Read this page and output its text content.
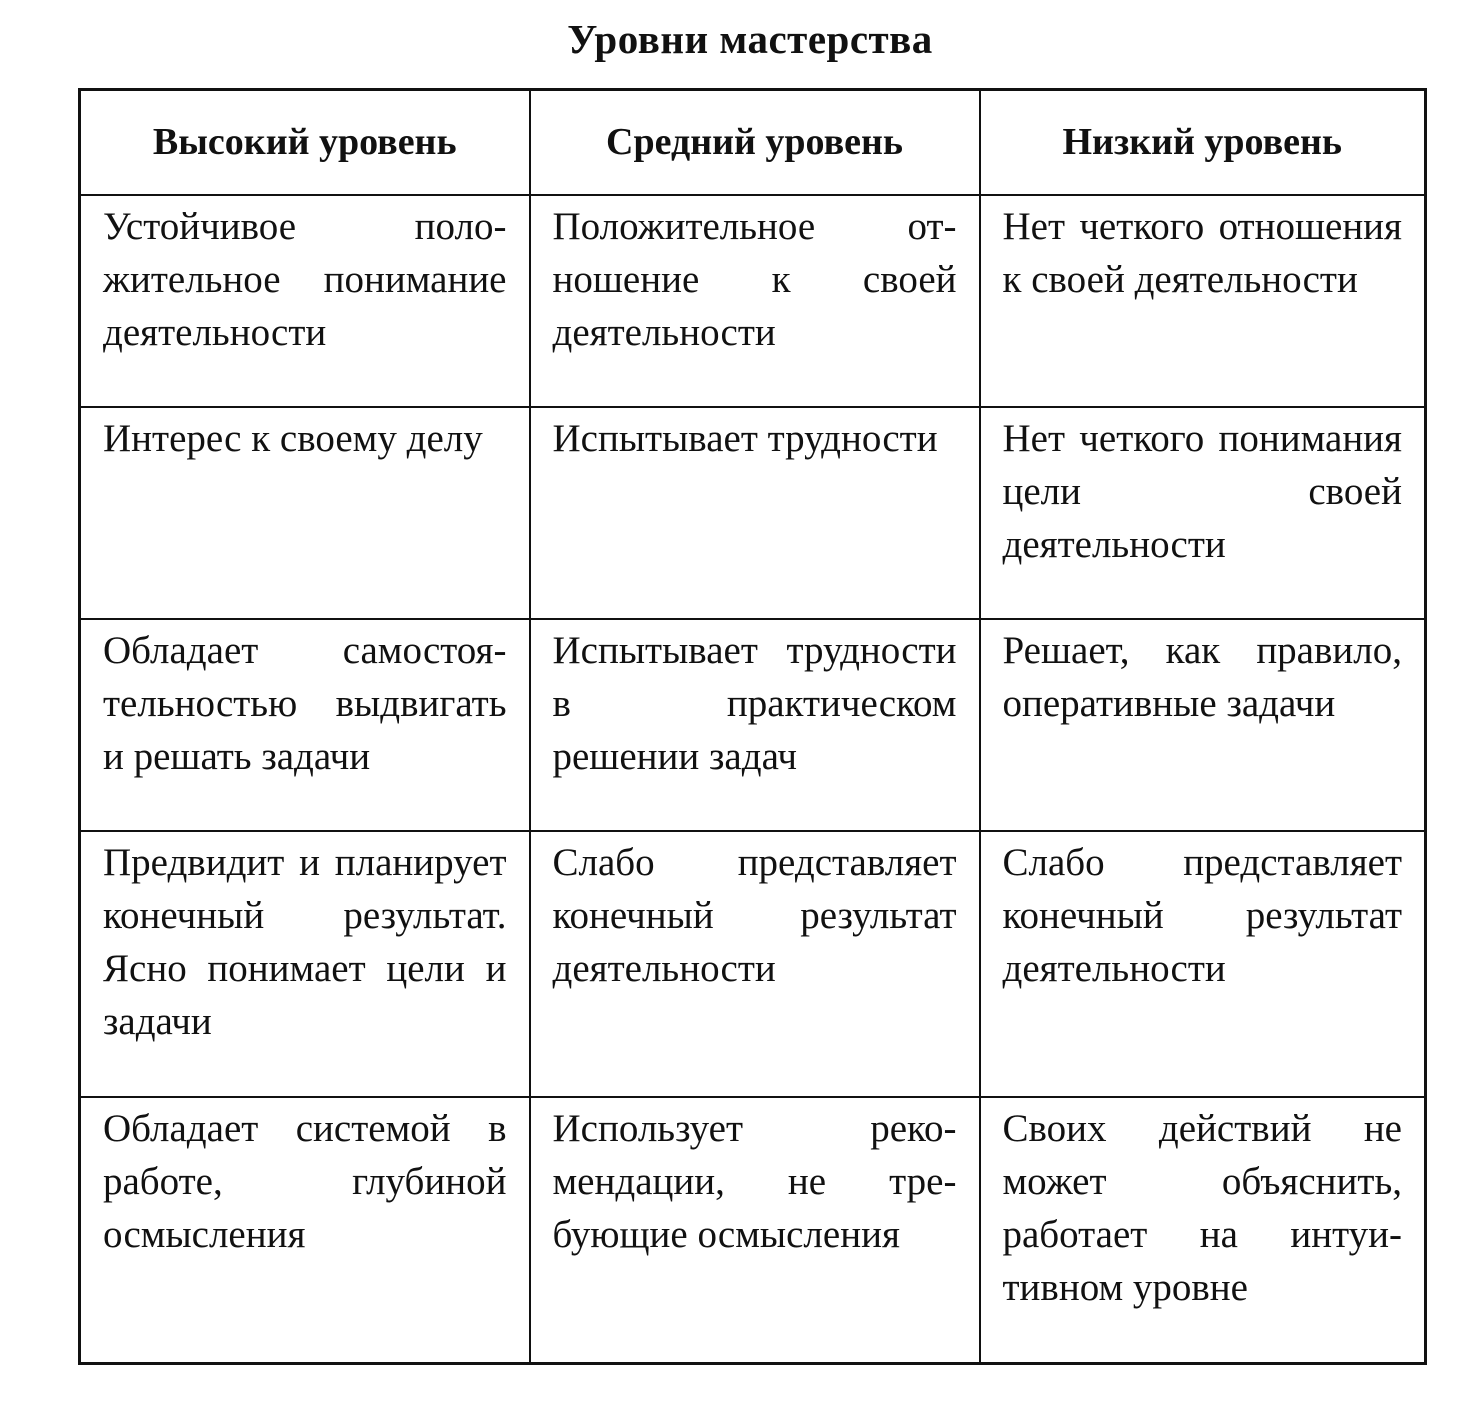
Уровни мастерства
Высокий уровень	Средний уровень	Низкий уровень
Устойчивое положительное понимание деятельности	Положительное отношение к своей деятельности	Нет четкого отношения к своей деятельности
Интерес к своему делу	Испытывает трудности	Нет четкого понимания цели своей деятельности
Обладает самостоятельностью выдвигать и решать задачи	Испытывает трудности в практическом решении задач	Решает, как правило, оперативные задачи
Предвидит и планирует конечный результат. Ясно понимает цели и задачи	Слабо представляет конечный результат деятельности	Слабо представляет конечный результат деятельности
Обладает системой в работе, глубиной осмысления	Использует рекомендации, не требующие осмысления	Своих действий не может объяснить, работает на интуитивном уровне
